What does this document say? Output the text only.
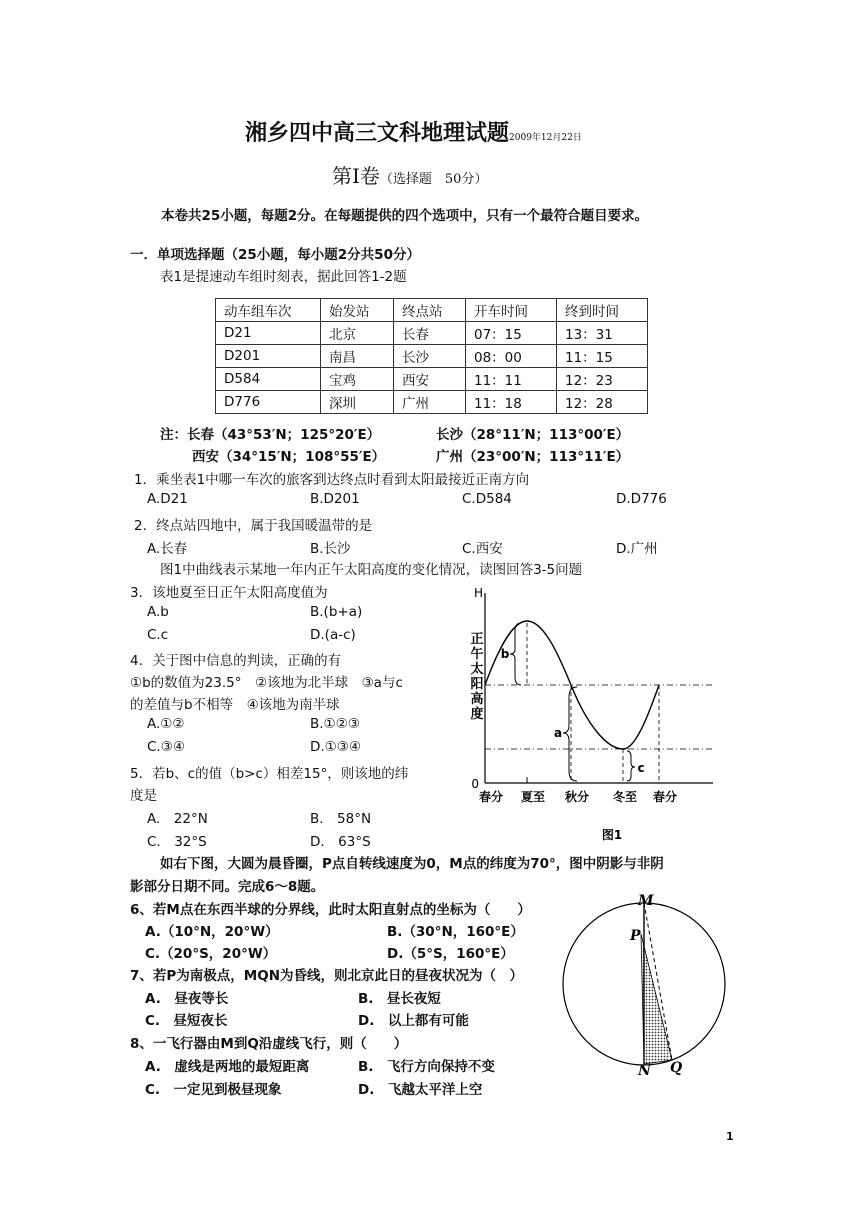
湘乡四中高三文科地理试题2009年12月22日
第Ⅰ卷（选择题　50分）
本卷共25小题，每题2分。在每题提供的四个选项中，只有一个最符合题目要求。
一．单项选择题（25小题，每小题2分共50分）
表1是提速动车组时刻表，据此回答1-2题
动车组车次	始发站	终点站	开车时间	终到时间
D21	北京	长春	07：15	13：31
D201	南昌	长沙	08：00	11：15
D584	宝鸡	西安	11：11	12：23
D776	深圳	广州	11：18	12：28
注：长春（43°53′N；125°20′E）	长沙（28°11′N；113°00′E）
西安（34°15′N；108°55′E）	广州（23°00′N；113°11′E）
1．乘坐表1中哪一车次的旅客到达终点时看到太阳最接近正南方向
A.D21	B.D201	C.D584	D.D776
2．终点站四地中，属于我国暖温带的是
A.长春	B.长沙	C.西安	D.广州
图1中曲线表示某地一年内正午太阳高度的变化情况，读图回答3-5问题
3．该地夏至日正午太阳高度值为
A.b	B.(b+a)
C.c	D.(a-c)
4．关于图中信息的判读，正确的有
①b的数值为23.5°　②该地为北半球　③a与c
的差值与b不相等　④该地为南半球
A.①②	B.①②③
C.③④	D.①③④
5．若b、c的值（b>c）相差15°，则该地的纬
度是
A.　22°N	B.　58°N
C.　32°S	D.　63°S
H
0
正
午
太
阳
高
度
b
a
c
春分 夏至 秋分 冬至 春分
图1
如右下图，大圆为晨昏圈，P点自转线速度为0，M点的纬度为70°，图中阴影与非阴
影部分日期不同。完成6～8题。
6、若M点在东西半球的分界线，此时太阳直射点的坐标为（　　）
A.（10°N，20°W）	B.（30°N，160°E）
C.（20°S，20°W）	D.（5°S，160°E）
7、若P为南极点，MQN为昏线，则北京此日的昼夜状况为（　）
A.　昼夜等长	B.　昼长夜短
C.　昼短夜长	D.　以上都有可能
8、一飞行器由M到Q沿虚线飞行，则（　　）
A.　虚线是两地的最短距离	B.　飞行方向保持不变
C.　一定见到极昼现象	D.　飞越太平洋上空
M
P
N Q
1
